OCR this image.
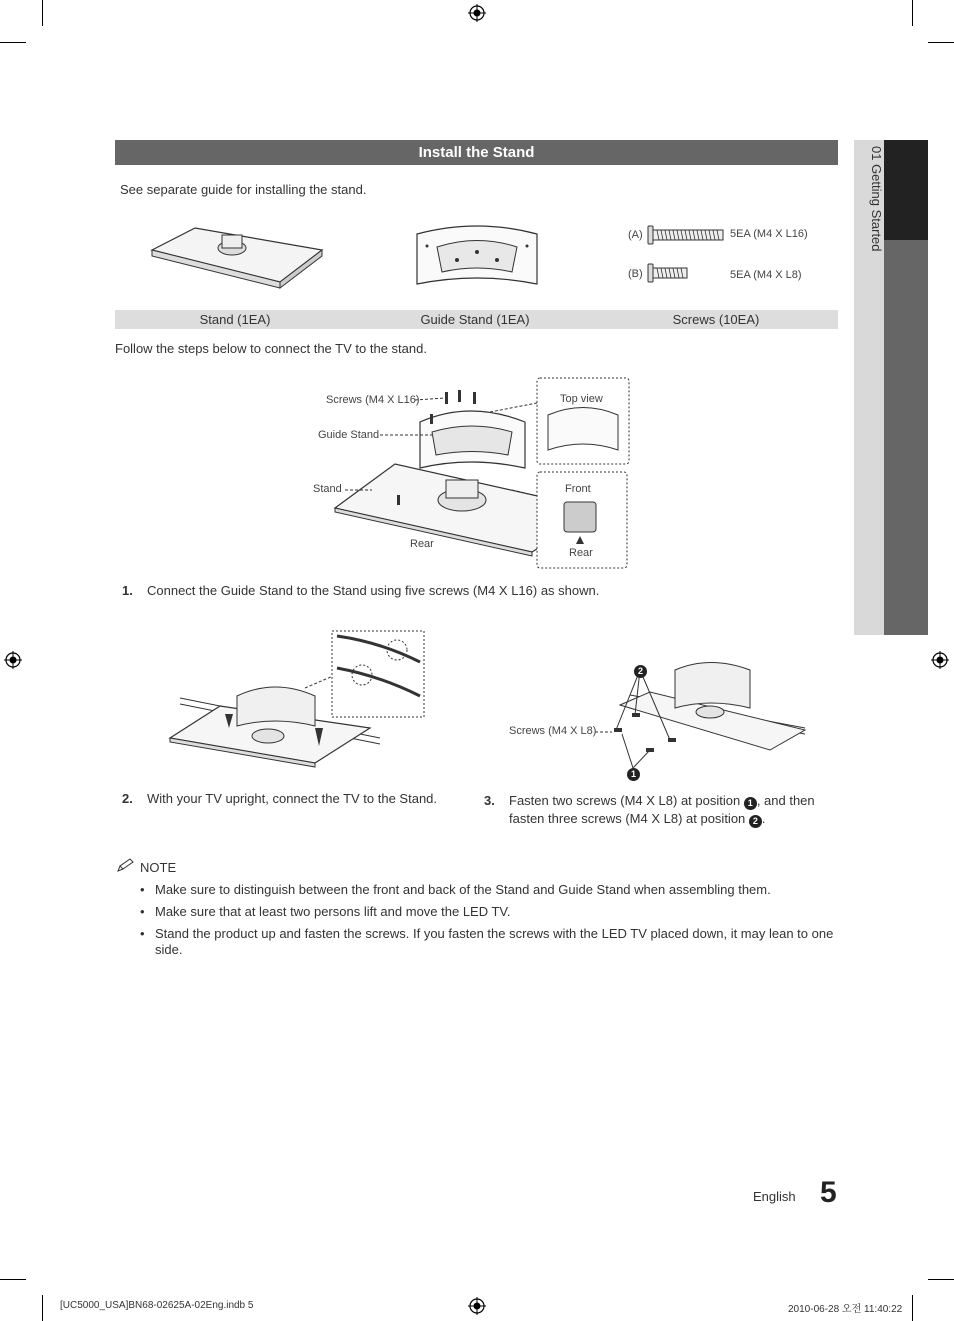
01 Getting Started
Install the Stand
See separate guide for installing the stand.
(A)	5EA (M4 X L16)
(B)	5EA (M4 X L8)
Stand (1EA)	Guide Stand (1EA)	Screws (10EA)
Follow the steps below to connect the TV to the stand.
Screws (M4 X L16)
Guide Stand
Stand
Rear
Top view
Front
Rear
1. Connect the Guide Stand to the Stand using five screws (M4 X L16) as shown.
2. With your TV upright, connect the TV to the Stand.
2
1
Screws (M4 X L8)
3. Fasten two screws (M4 X L8) at position 1 , and then
fasten three screws (M4 X L8) at position 2 .
NOTE
• Make sure to distinguish between the front and back of the Stand and Guide Stand when assembling them.
• Make sure that at least two persons lift and move the LED TV.
• Stand the product up and fasten the screws. If you fasten the screws with the LED TV placed down, it may lean to one side.
English 5
[UC5000_USA]BN68-02625A-02Eng.indb 5	2010-06-28 오전 11:40:22
